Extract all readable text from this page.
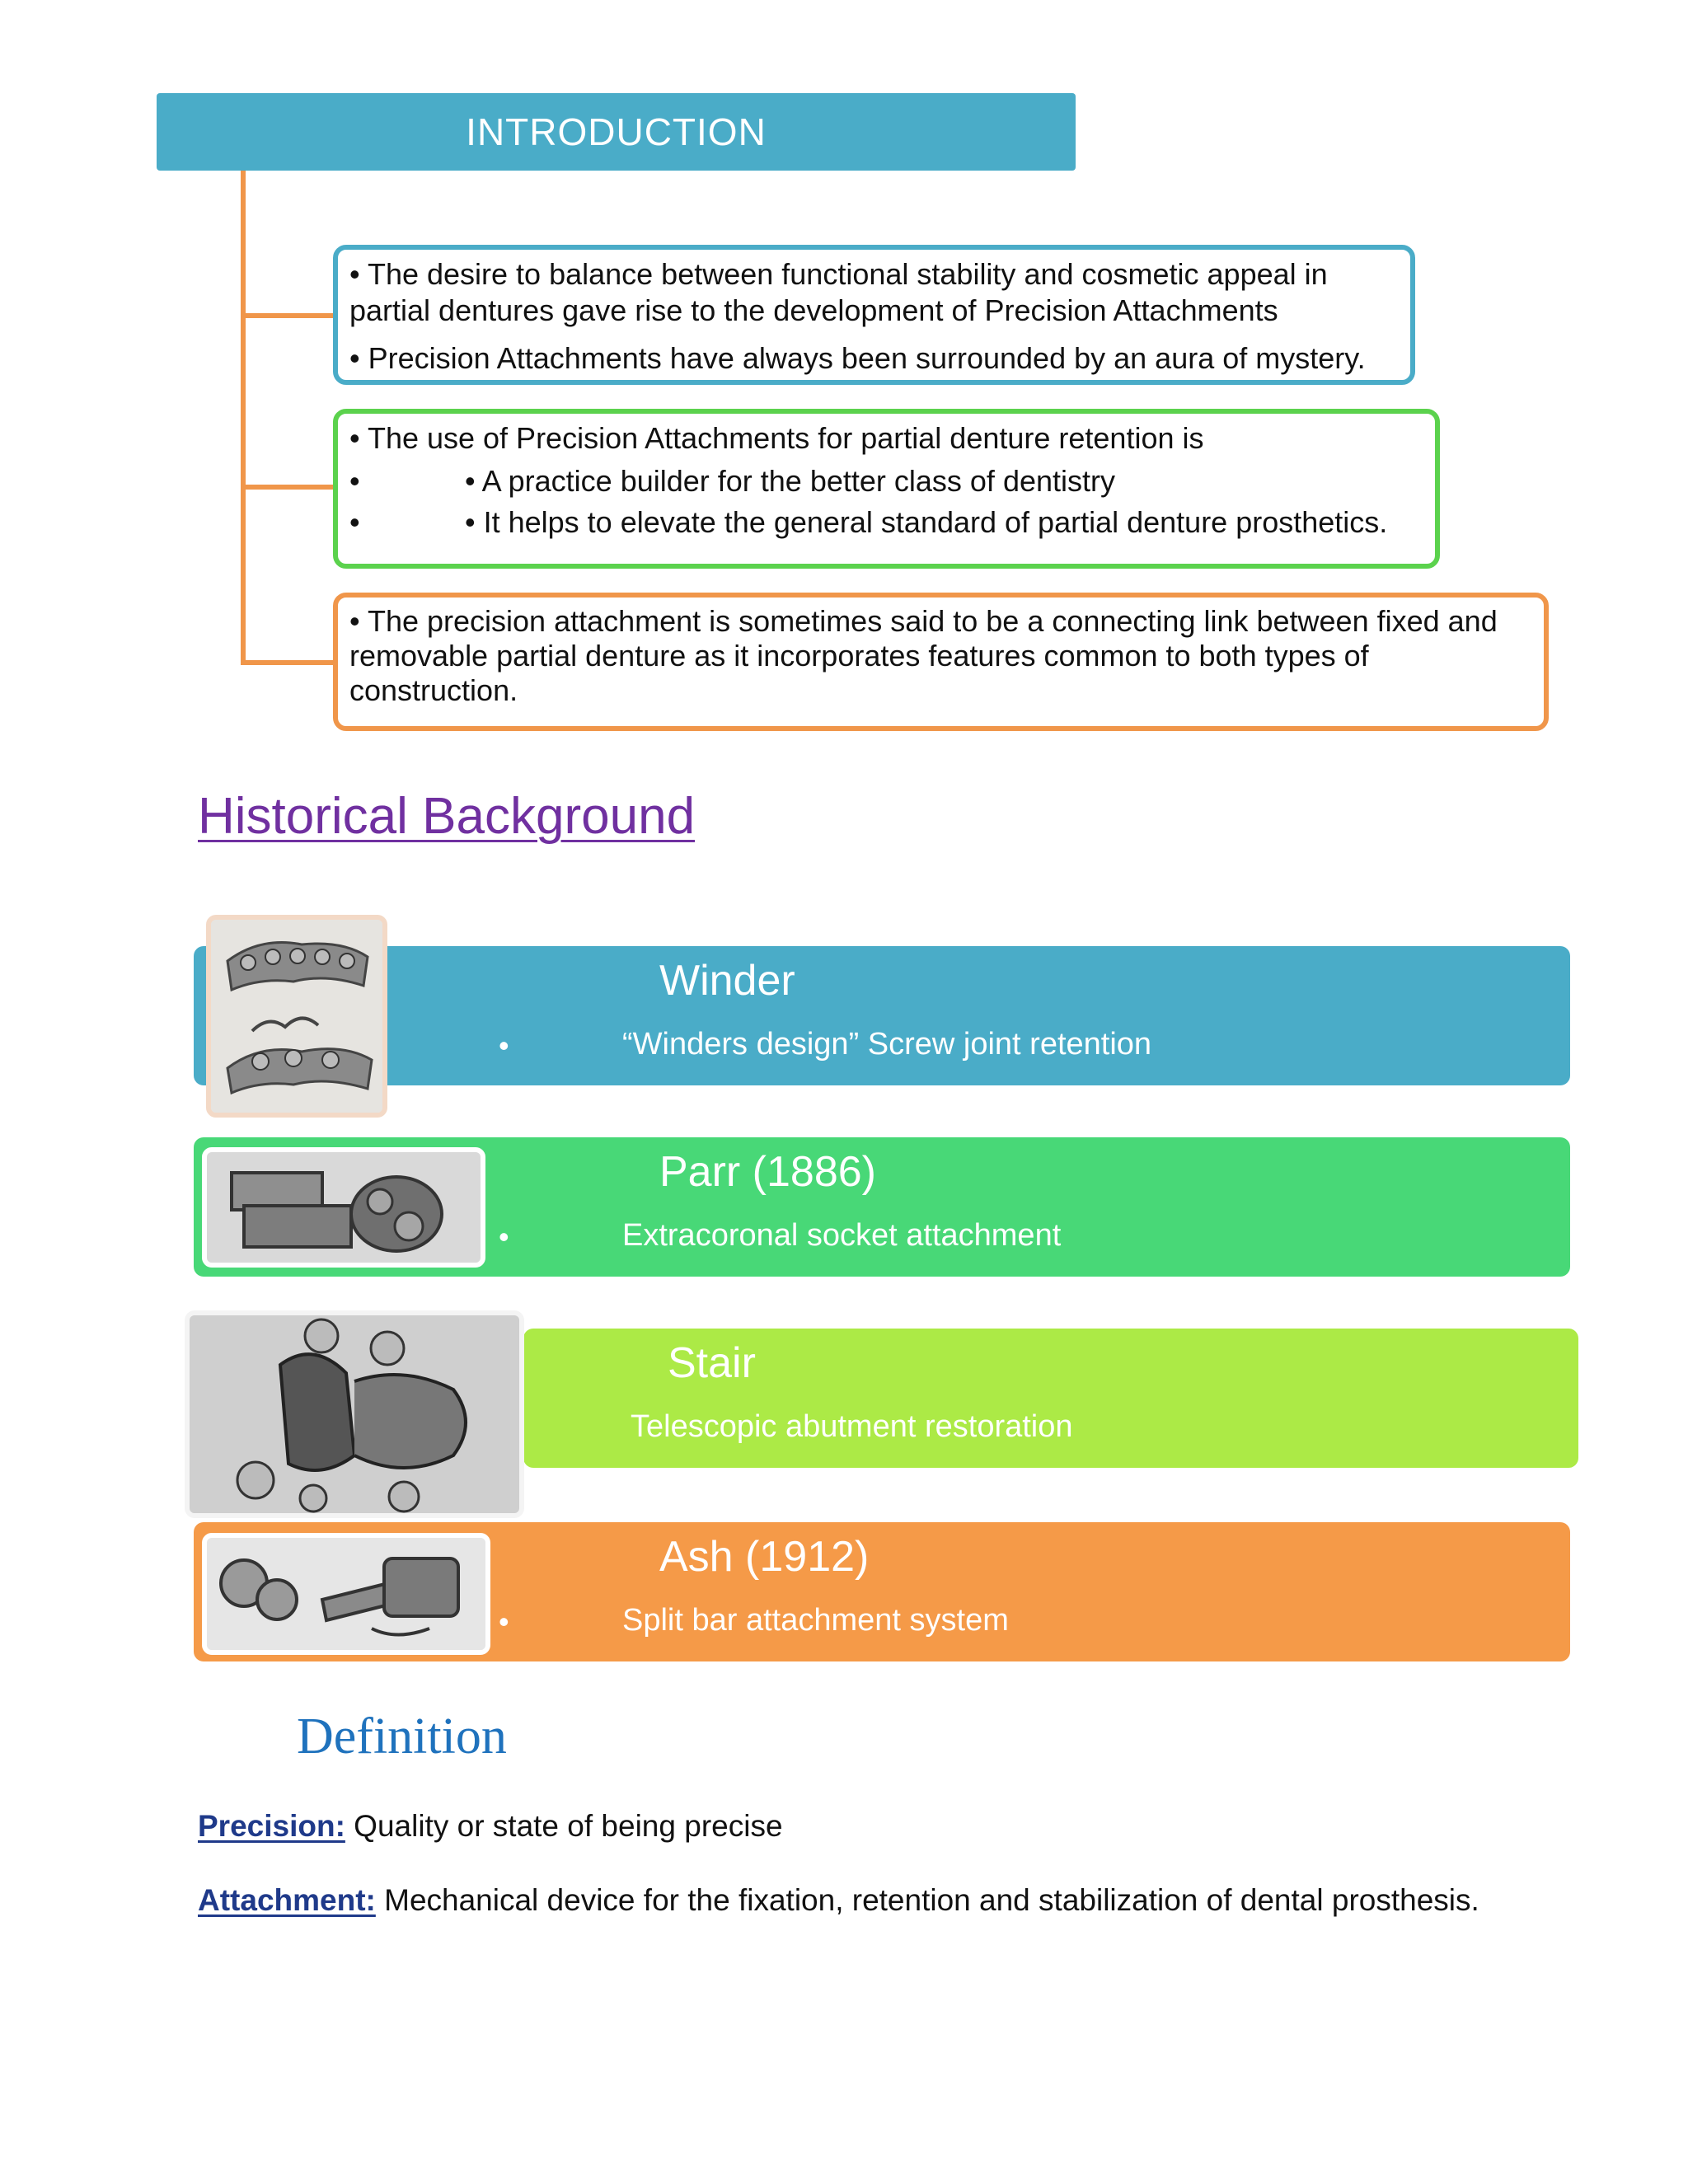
INTRODUCTION

• The desire to balance between functional stability and cosmetic appeal in partial dentures gave rise to the development of Precision Attachments

• Precision Attachments have always been surrounded by an aura of mystery.

• The use of Precision Attachments for partial denture retention is

•	• A practice builder for the better class of dentistry
•	• It helps to elevate the general standard of partial denture prosthetics.

• The precision attachment is sometimes said to be a connecting link between fixed and removable partial denture as it incorporates features common to both types of construction.

Historical Background
Winder
•	“Winders design” Screw joint retention
Parr (1886)
•	Extracoronal socket attachment
Stair
Telescopic abutment restoration
Ash (1912)
•	Split bar attachment system
Definition
Precision: Quality or state of being precise
Attachment: Mechanical device for the fixation, retention and stabilization of dental prosthesis.
